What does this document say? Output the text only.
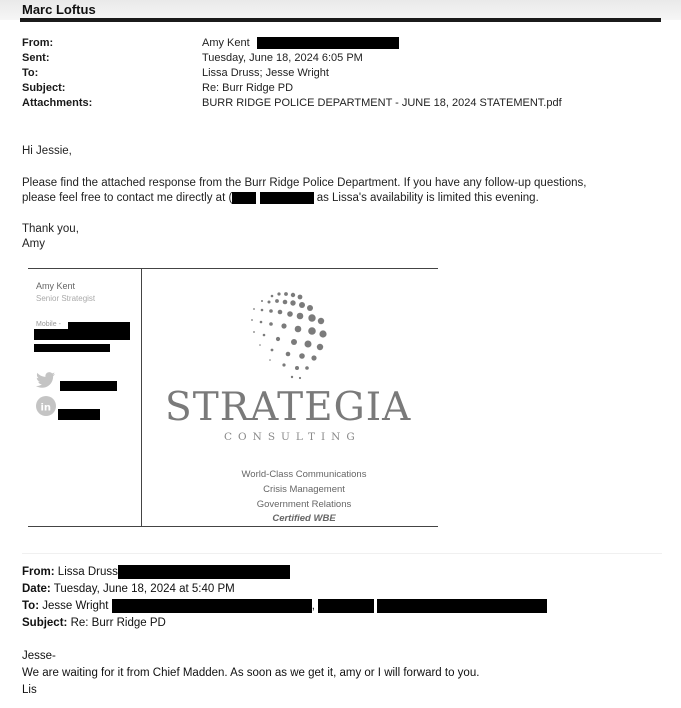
Marc Loftus
From:	Amy Kent
Sent:	Tuesday, June 18, 2024 6:05 PM
To:	Lissa Druss; Jesse Wright
Subject:	Re: Burr Ridge PD
Attachments:	BURR RIDGE POLICE DEPARTMENT - JUNE 18, 2024 STATEMENT.pdf
Hi Jessie,
Please find the attached response from the Burr Ridge Police Department. If you have any follow-up questions,
please feel free to contact me directly at (	as Lissa's availability is limited this evening.
Thank you,
Amy
Amy Kent
Senior Strategist
Mobile -
in	STRATEGIA
CONSULTING
World-Class Communications
Crisis Management
Government Relations
Certified WBE
From: Lissa Druss
Date: Tuesday, June 18, 2024 at 5:40 PM
To: Jesse Wright	,
Subject: Re: Burr Ridge PD
Jesse-
We are waiting for it from Chief Madden. As soon as we get it, amy or I will forward to you.
Lis
